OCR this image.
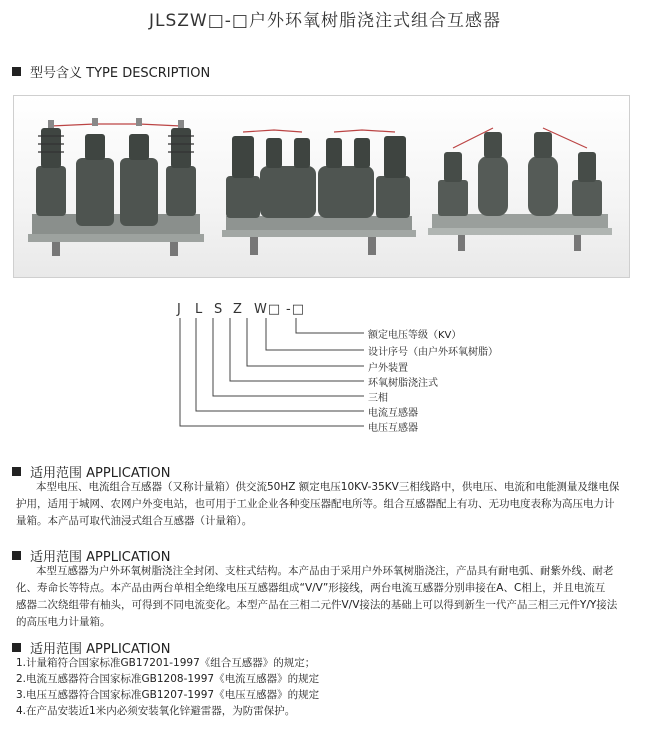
JLSZW□-□户外环氧树脂浇注式组合互感器
型号含义 TYPE DESCRIPTION
J L S Z W□ -□
额定电压等级（KV）
设计序号（由户外环氧树脂）
户外装置
环氧树脂浇注式
三相
电流互感器
电压互感器
适用范围 APPLICATION
本型电压、电流组合互感器（又称计量箱）供交流50HZ 额定电压10KV-35KV三相线路中，供电压、电流和电能测量及继电保
护用，适用于城网、农网户外变电站，也可用于工业企业各种变压器配电所等。组合互感器配上有功、无功电度表称为高压电力计
量箱。本产品可取代油浸式组合互感器（计量箱）。
适用范围 APPLICATION
本型互感器为户外环氧树脂浇注全封闭、支柱式结构。本产品由于采用户外环氧树脂浇注，产品具有耐电弧、耐紫外线、耐老
化、寿命长等特点。本产品由两台单相全绝缘电压互感器组成“V/V”形接线，两台电流互感器分别串接在A、C相上，并且电流互
感器二次绕组带有柚头，可得到不同电流变化。本型产品在三相二元件V/V接法的基础上可以得到新生一代产品三相三元件Y/Y接法
的高压电力计量箱。
适用范围 APPLICATION
1.计量箱符合国家标准GB17201-1997《组合互感器》的规定；
2.电流互感器符合国家标准GB1208-1997《电流互感器》的规定
3.电压互感器符合国家标准GB1207-1997《电压互感器》的规定
4.在产品安装近1米内必须安装氧化锌避雷器，为防雷保护。
